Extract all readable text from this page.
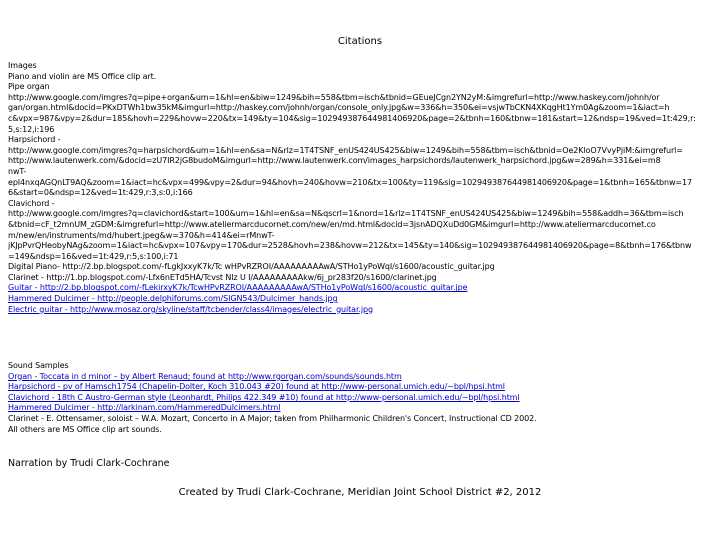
Citations
Images
Piano and violin are MS Office clip art.
Pipe organ
http://www.google.com/imgres?q=pipe+organ&um=1&hl=en&biw=1249&bih=558&tbm=isch&tbnid=GEueJCgn2YN2yM:&imgrefurl=http://www.haskey.com/johnh/or
gan/organ.html&docid=PKxDTWh1bw35kM&imgurl=http://haskey.com/johnh/organ/console_only.jpg&w=336&h=350&ei=vsjwTbCKN4XKqgHt1Ym0Ag&zoom=1&iact=h
c&vpx=987&vpy=2&dur=185&hovh=229&hovw=220&tx=149&ty=104&sig=102949387644981406920&page=2&tbnh=160&tbnw=181&start=12&ndsp=19&ved=1t:429,r:
5,s:12,i:196
Harpsichord -
http://www.google.com/imgres?q=harpsichord&um=1&hl=en&sa=N&rlz=1T4TSNF_enUS424US425&biw=1249&bih=558&tbm=isch&tbnid=Oe2KloO7VvyPjiM:&imgrefurl=
http://www.lautenwerk.com/&docid=zU7IR2jG8budoM&imgurl=http://www.lautenwerk.com/images_harpsichords/lautenwerk_harpsichord.jpg&w=289&h=331&ei=m8
nwT-
epI4nxqAGQnLT9AQ&zoom=1&iact=hc&vpx=499&vpy=2&dur=94&hovh=240&hovw=210&tx=100&ty=119&sig=102949387644981406920&page=1&tbnh=165&tbnw=17
6&start=0&ndsp=12&ved=1t:429,r:3,s:0,i:166
Clavichord -
http://www.google.com/imgres?q=clavichord&start=100&um=1&hl=en&sa=N&qscrl=1&nord=1&rlz=1T4TSNF_enUS424US425&biw=1249&bih=558&addh=36&tbm=isch
&tbnid=cF_t2mnUM_zGDM:&imgrefurl=http://www.ateliermarcducornet.com/new/en/md.html&docid=3jsnADQXuDd0GM&imgurl=http://www.ateliermarcducornet.co
m/new/en/instruments/md/hubert.jpeg&w=370&h=414&ei=rMnwT-
jKJpPvrQHeobyNAg&zoom=1&iact=hc&vpx=107&vpy=170&dur=2528&hovh=238&hovw=212&tx=145&ty=140&sig=102949387644981406920&page=8&tbnh=176&tbnw
=149&ndsp=16&ved=1t:429,r:5,s:100,i:71
Digital Piano- http://2.bp.blogspot.com/-fLgkJxxyK7k/Tc wHPvRZROI/AAAAAAAAAwA/STHo1yPoWqI/s1600/acoustic_guitar.jpg
Clarinet - http://1.bp.blogspot.com/-Lfx6nETd5HA/Tcvst Nlz U I/AAAAAAAAAkw/6j_pr283f20/s1600/clarinet.jpg
Guitar - http://2.bp.blogspot.com/-fLekirxyK7k/TcwHPvRZROI/AAAAAAAAAwA/STHo1yPoWqI/s1600/acoustic_guitar.jpe
Hammered Dulcimer - http://people.delphiforums.com/SIGN543/Dulcimer_hands.jpg
Electric guitar - http://www.mosaz.org/skyline/staff/tcbender/class4/images/electric_guitar.jpg
Sound Samples
Organ - Toccata in d minor – by Albert Renaud; found at http://www.rgorgan.com/sounds/sounds.htm
Harpsichord - pv of Hamsch1754 (Chapelin-Dolter, Koch 310.043 #20) found at http://www-personal.umich.edu/~bpl/hpsi.html
Clavichord - 18th C Austro-German style (Leonhardt, Philips 422.349 #10) found at http://www-personal.umich.edu/~bpl/hpsi.html
Hammered Dulcimer - http://larkinam.com/HammeredDulcimers.html
Clarinet - E. Ottensamer, soloist – W.A. Mozart, Concerto in A Major; taken from Philharmonic Children's Concert, Instructional CD 2002.
All others are MS Office clip art sounds.
Narration by Trudi Clark-Cochrane
Created by Trudi Clark-Cochrane, Meridian Joint School District #2, 2012
